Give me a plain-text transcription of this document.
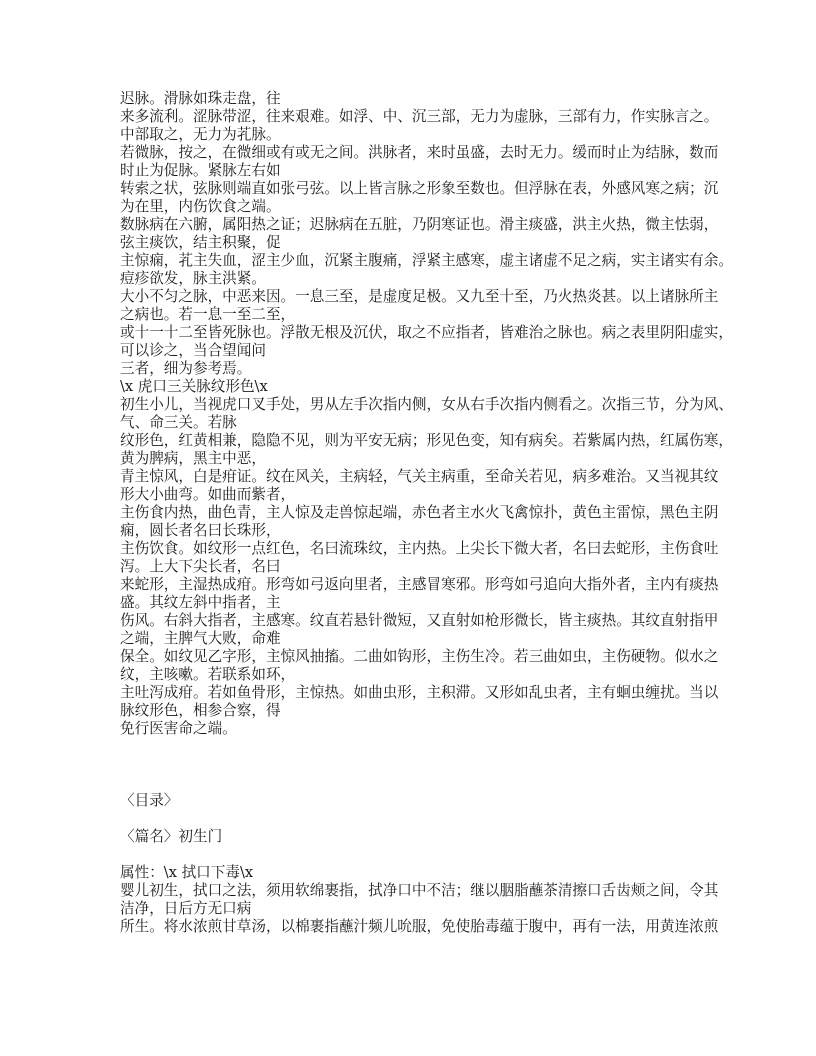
迟脉。滑脉如珠走盘，往
来多流利。涩脉带涩，往来艰难。如浮、中、沉三部，无力为虚脉，三部有力，作实脉言之。
中部取之，无力为芤脉。
若微脉，按之，在微细或有或无之间。洪脉者，来时虽盛，去时无力。缓而时止为结脉，数而
时止为促脉。紧脉左右如
转索之状，弦脉则端直如张弓弦。以上皆言脉之形象至数也。但浮脉在表，外感风寒之病；沉
为在里，内伤饮食之端。
数脉病在六腑，属阳热之证；迟脉病在五脏，乃阴寒证也。滑主痰盛，洪主火热，微主怯弱，
弦主痰饮，结主积聚，促
主惊痫，芤主失血，涩主少血，沉紧主腹痛，浮紧主感寒，虚主诸虚不足之病，实主诸实有余。
痘疹欲发，脉主洪紧。
大小不匀之脉，中恶来因。一息三至，是虚度足极。又九至十至，乃火热炎甚。以上诸脉所主
之病也。若一息一至二至，
或十一十二至皆死脉也。浮散无根及沉伏，取之不应指者，皆难治之脉也。病之表里阴阳虚实，
可以诊之，当合望闻问
三者，细为参考焉。
\x 虎口三关脉纹形色\x
初生小儿，当视虎口叉手处，男从左手次指内侧，女从右手次指内侧看之。次指三节，分为风、
气、命三关。若脉
纹形色，红黄相兼，隐隐不见，则为平安无病；形见色变，知有病矣。若紫属内热，红属伤寒，
黄为脾病，黑主中恶，
青主惊风，白是疳证。纹在风关，主病轻，气关主病重，至命关若见，病多难治。又当视其纹
形大小曲弯。如曲而紫者，
主伤食内热，曲色青，主人惊及走兽惊起端，赤色者主水火飞禽惊扑，黄色主雷惊，黑色主阴
痫，圆长者名曰长珠形，
主伤饮食。如纹形一点红色，名曰流珠纹，主内热。上尖长下微大者，名曰去蛇形，主伤食吐
泻。上大下尖长者，名曰
来蛇形，主湿热成疳。形弯如弓返向里者，主感冒寒邪。形弯如弓追向大指外者，主内有痰热
盛。其纹左斜中指者，主
伤风。右斜大指者，主感寒。纹直若悬针微短，又直射如枪形微长，皆主痰热。其纹直射指甲
之端，主脾气大败，命难
保全。如纹见乙字形，主惊风抽搐。二曲如钩形，主伤生冷。若三曲如虫，主伤硬物。似水之
纹，主咳嗽。若联系如环，
主吐泻成疳。若如鱼骨形，主惊热。如曲虫形，主积滞。又形如乱虫者，主有蛔虫缠扰。当以
脉纹形色，相参合察，得
免行医害命之端。
〈目录〉
〈篇名〉初生门
属性：\x 拭口下毒\x
婴儿初生，拭口之法，须用软绵裹指，拭净口中不洁；继以胭脂蘸茶清擦口舌齿颊之间，令其
洁净，日后方无口病
所生。将水浓煎甘草汤，以棉裹指蘸汁频儿吮服，免使胎毒蕴于腹中，再有一法，用黄连浓煎
